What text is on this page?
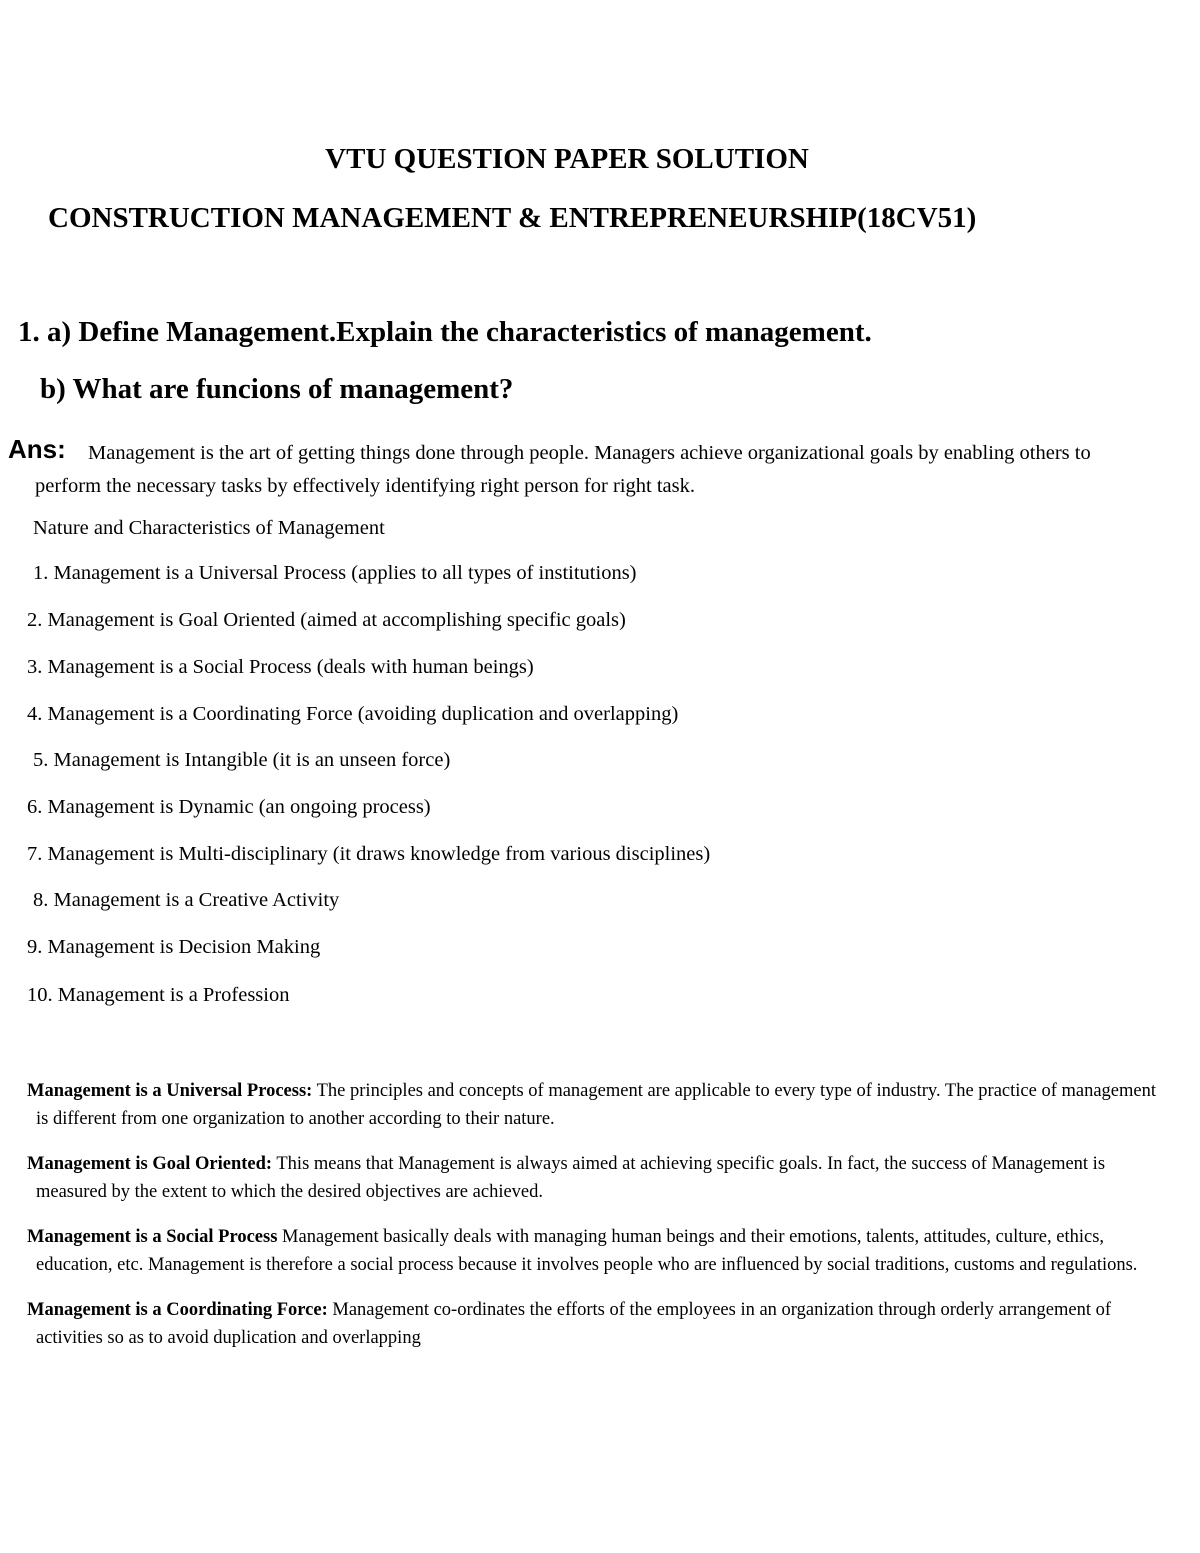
VTU QUESTION PAPER SOLUTION
CONSTRUCTION MANAGEMENT & ENTREPRENEURSHIP(18CV51)
1. a) Define Management.Explain the characteristics of management.
b) What are funcions of management?
Ans:	Management is the art of getting things done through people. Managers achieve organizational goals by enabling others to perform the necessary tasks by effectively identifying right person for right task.
Nature and Characteristics of Management
1. Management is a Universal Process (applies to all types of institutions)
2. Management is Goal Oriented (aimed at accomplishing specific goals)
3. Management is a Social Process (deals with human beings)
4. Management is a Coordinating Force (avoiding duplication and overlapping)
5. Management is Intangible (it is an unseen force)
6. Management is Dynamic (an ongoing process)
7. Management is Multi-disciplinary (it draws knowledge from various disciplines)
8. Management is a Creative Activity
9. Management is Decision Making
10. Management is a Profession

Management is a Universal Process: The principles and concepts of management are applicable to every type of industry. The practice of management is different from one organization to another according to their nature.

Management is Goal Oriented: This means that Management is always aimed at achieving specific goals. In fact, the success of Management is measured by the extent to which the desired objectives are achieved.

Management is a Social Process Management basically deals with managing human beings and their emotions, talents, attitudes, culture, ethics, education, etc. Management is therefore a social process because it involves people who are influenced by social traditions, customs and regulations.

Management is a Coordinating Force: Management co-ordinates the efforts of the employees in an organization through orderly arrangement of activities so as to avoid duplication and overlapping
